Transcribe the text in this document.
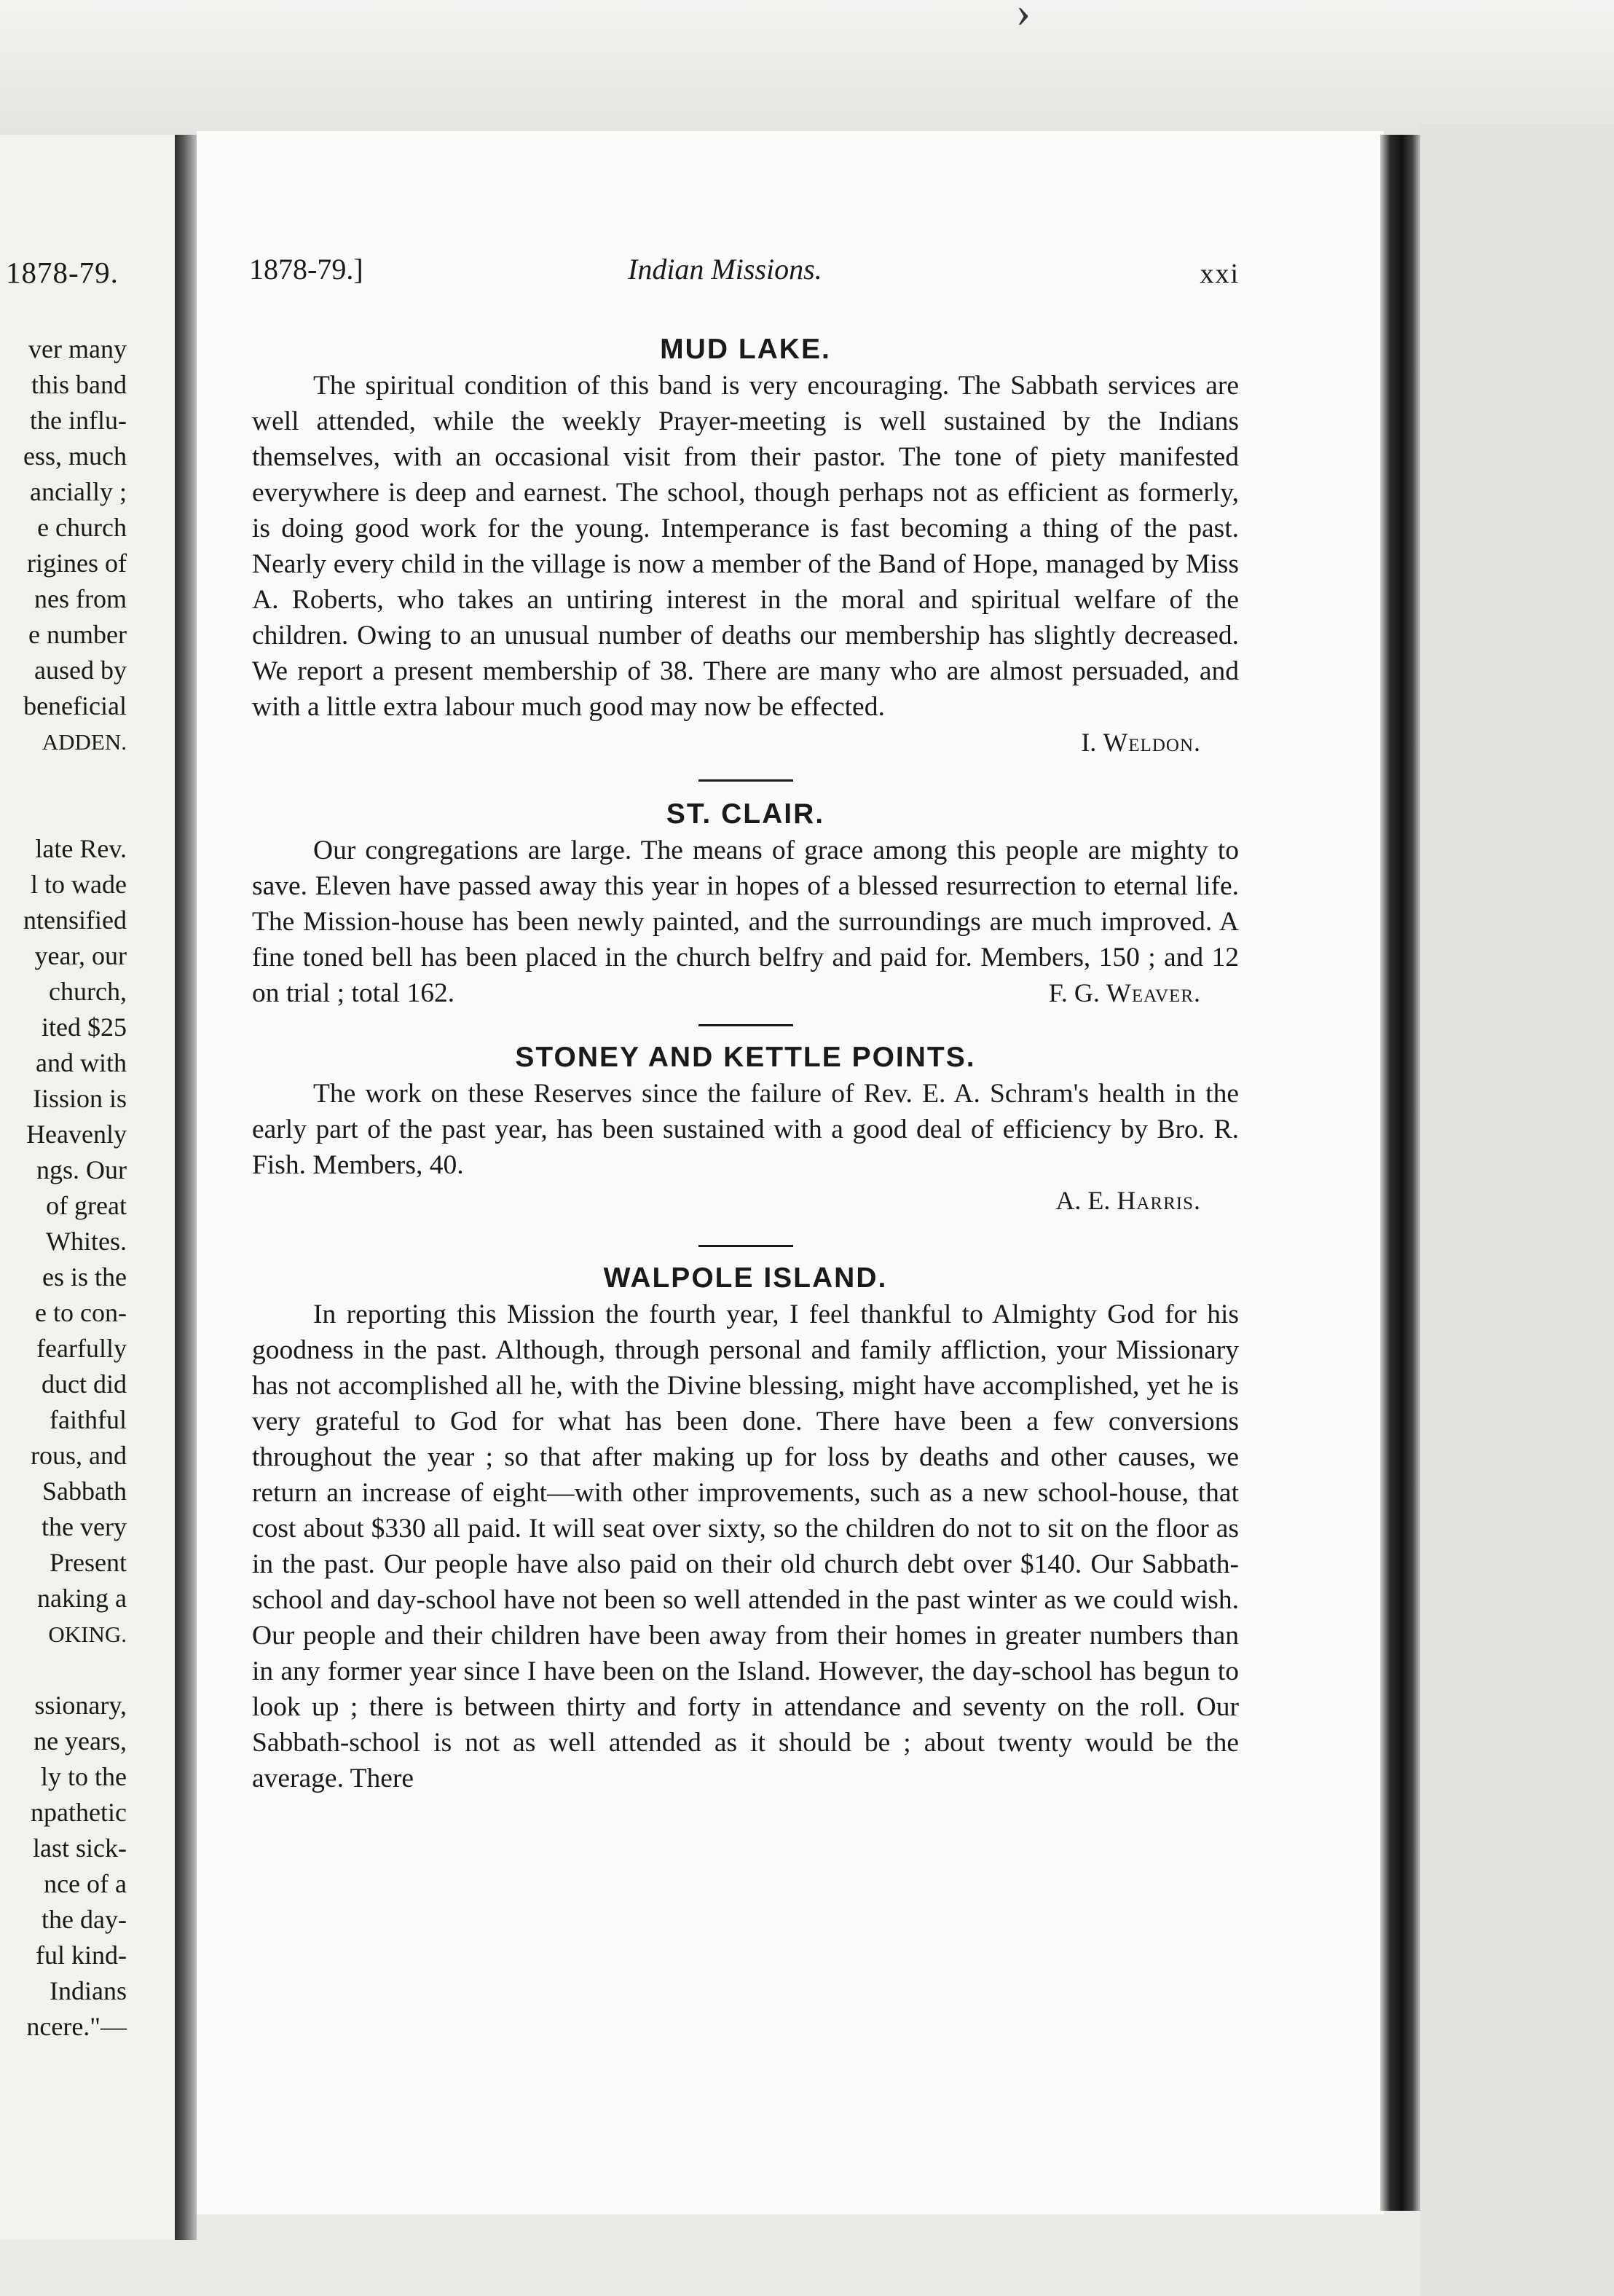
›
1878-79.
ver many
this band
the influ-
ess, much
ancially ;
e church
rigines of
nes from
e number
aused by
beneficial
ADDEN.
late Rev.
l to wade
ntensified
year, our
church,
ited $25
and with
Iission is
Heavenly
ngs. Our
of great
Whites.
es is the
e to con-
fearfully
duct did
faithful
rous, and
Sabbath
the very
Present
naking a
OKING.
ssionary,
ne years,
ly to the
npathetic
last sick-
nce of a
the day-
ful kind-
Indians
ncere."—
1878-79.]	Indian Missions.	xxi
MUD LAKE.

The spiritual condition of this band is very encouraging. The Sabbath services are well attended, while the weekly Prayer-meeting is well sustained by the Indians themselves, with an occasional visit from their pastor. The tone of piety manifested everywhere is deep and earnest. The school, though perhaps not as efficient as formerly, is doing good work for the young. Intemperance is fast becoming a thing of the past. Nearly every child in the village is now a member of the Band of Hope, managed by Miss A. Roberts, who takes an untiring interest in the moral and spiritual welfare of the children. Owing to an unusual number of deaths our membership has slightly decreased. We report a present membership of 38. There are many who are almost persuaded, and with a little extra labour much good may now be effected.

I. Weldon.

ST. CLAIR.

Our congregations are large. The means of grace among this people are mighty to save. Eleven have passed away this year in hopes of a blessed resurrection to eternal life. The Mission-house has been newly painted, and the surroundings are much improved. A fine toned bell has been placed in the church belfry and paid for. Members, 150 ; and 12 on trial ; total 162.	F. G. Weaver.

STONEY AND KETTLE POINTS.

The work on these Reserves since the failure of Rev. E. A. Schram's health in the early part of the past year, has been sustained with a good deal of efficiency by Bro. R. Fish. Members, 40.

A. E. Harris.

WALPOLE ISLAND.

In reporting this Mission the fourth year, I feel thankful to Almighty God for his goodness in the past. Although, through personal and family affliction, your Missionary has not accomplished all he, with the Divine blessing, might have accomplished, yet he is very grateful to God for what has been done. There have been a few conversions throughout the year ; so that after making up for loss by deaths and other causes, we return an increase of eight—with other improvements, such as a new school-house, that cost about $330 all paid. It will seat over sixty, so the children do not to sit on the floor as in the past. Our people have also paid on their old church debt over $140. Our Sabbath-school and day-school have not been so well attended in the past winter as we could wish. Our people and their children have been away from their homes in greater numbers than in any former year since I have been on the Island. However, the day-school has begun to look up ; there is between thirty and forty in attendance and seventy on the roll. Our Sabbath-school is not as well attended as it should be ; about twenty would be the average. There
